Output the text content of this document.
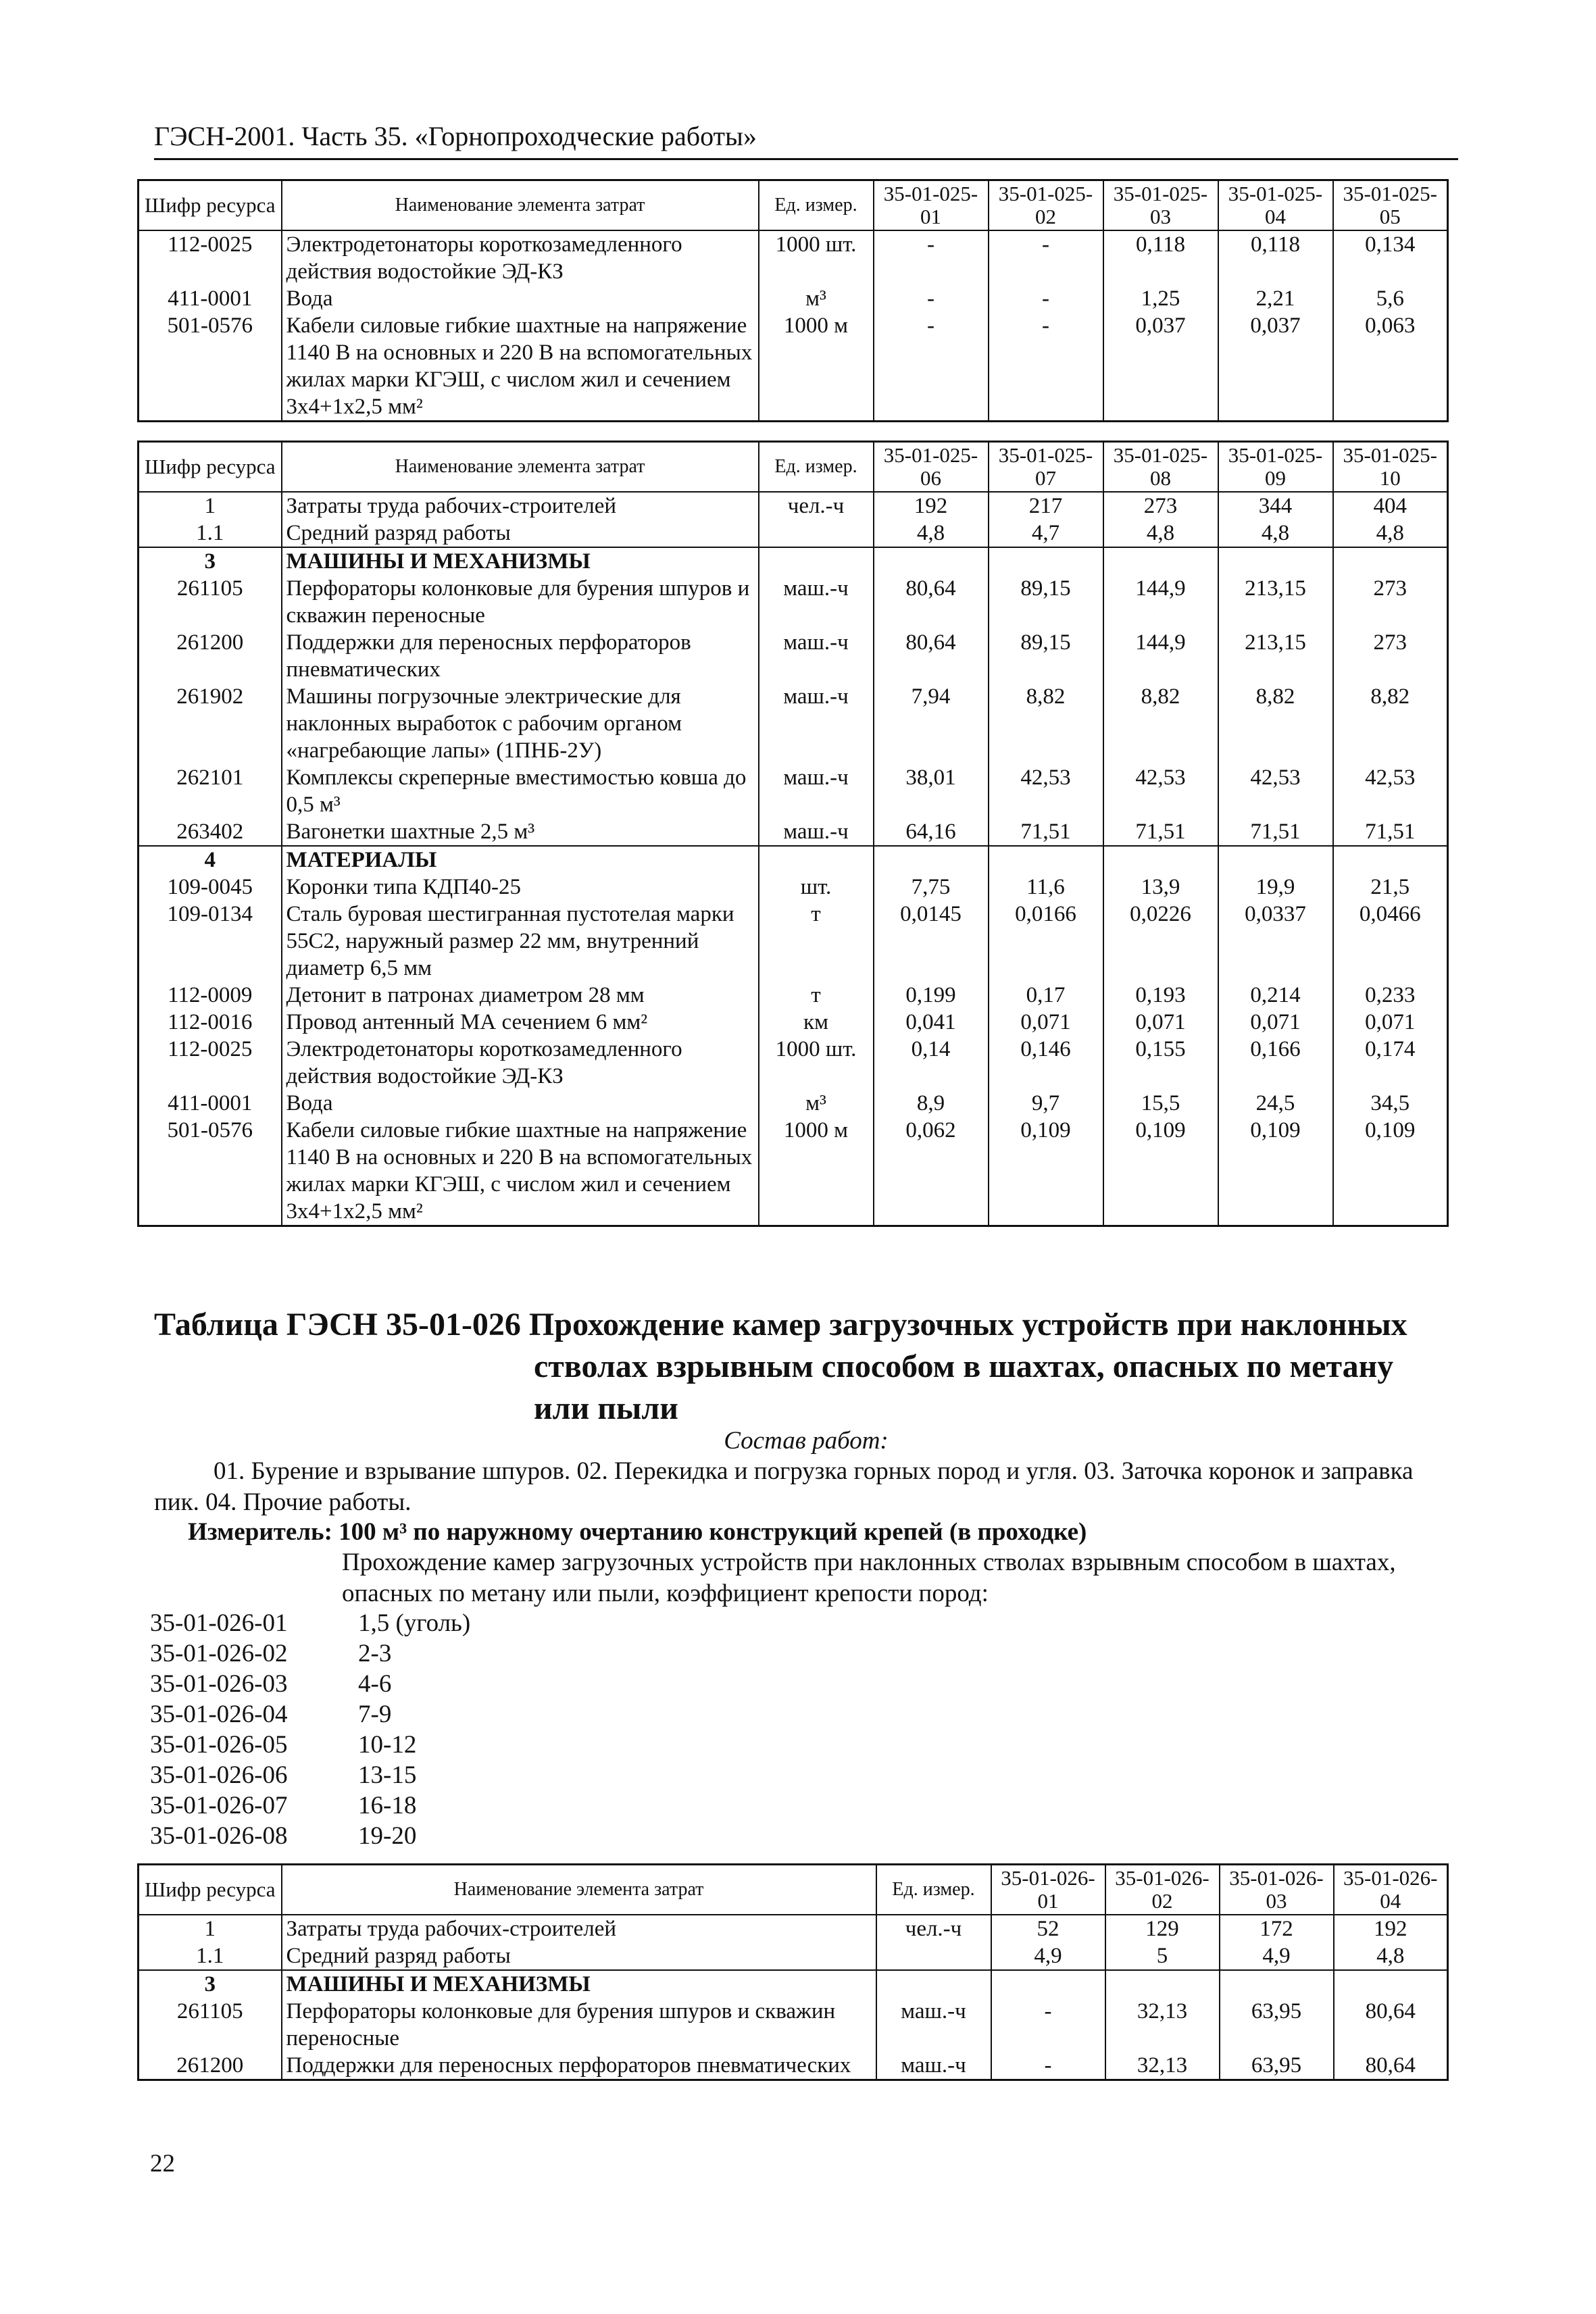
ГЭСН-2001. Часть 35. «Горнопроходческие работы»
Шифр ресурса	Наименование элемента затрат	Ед. измер.	35-01-025-01	35-01-025-02	35-01-025-03	35-01-025-04	35-01-025-05
112-0025	Электродетонаторы короткозамедленного действия водостойкие ЭД-КЗ	1000 шт.	-	-	0,118	0,118	0,134
411-0001	Вода	м³	-	-	1,25	2,21	5,6
501-0576	Кабели силовые гибкие шахтные на напряжение 1140 В на основных и 220 В на вспомогательных жилах марки КГЭШ, с числом жил и сечением 3х4+1х2,5 мм²	1000 м	-	-	0,037	0,037	0,063
Шифр ресурса	Наименование элемента затрат	Ед. измер.	35-01-025-06	35-01-025-07	35-01-025-08	35-01-025-09	35-01-025-10
1	Затраты труда рабочих-строителей	чел.-ч	192	217	273	344	404
1.1	Средний разряд работы		4,8	4,7	4,8	4,8	4,8
3	МАШИНЫ И МЕХАНИЗМЫ						
261105	Перфораторы колонковые для бурения шпуров и скважин переносные	маш.-ч	80,64	89,15	144,9	213,15	273
261200	Поддержки для переносных перфораторов пневматических	маш.-ч	80,64	89,15	144,9	213,15	273
261902	Машины погрузочные электрические для наклонных выработок с рабочим органом «нагребающие лапы» (1ПНБ-2У)	маш.-ч	7,94	8,82	8,82	8,82	8,82
262101	Комплексы скреперные вместимостью ковша до 0,5 м³	маш.-ч	38,01	42,53	42,53	42,53	42,53
263402	Вагонетки шахтные 2,5 м³	маш.-ч	64,16	71,51	71,51	71,51	71,51
4	МАТЕРИАЛЫ						
109-0045	Коронки типа КДП40-25	шт.	7,75	11,6	13,9	19,9	21,5
109-0134	Сталь буровая шестигранная пустотелая марки 55С2, наружный размер 22 мм, внутренний диаметр 6,5 мм	т	0,0145	0,0166	0,0226	0,0337	0,0466
112-0009	Детонит в патронах диаметром 28 мм	т	0,199	0,17	0,193	0,214	0,233
112-0016	Провод антенный МА сечением 6 мм²	км	0,041	0,071	0,071	0,071	0,071
112-0025	Электродетонаторы короткозамедленного действия водостойкие ЭД-КЗ	1000 шт.	0,14	0,146	0,155	0,166	0,174
411-0001	Вода	м³	8,9	9,7	15,5	24,5	34,5
501-0576	Кабели силовые гибкие шахтные на напряжение 1140 В на основных и 220 В на вспомогательных жилах марки КГЭШ, с числом жил и сечением 3х4+1х2,5 мм²	1000 м	0,062	0,109	0,109	0,109	0,109
Таблица ГЭСН 35-01-026 Прохождение камер загрузочных устройств при наклонных
стволах взрывным способом в шахтах, опасных по метану
или пыли
Состав работ:
01. Бурение и взрывание шпуров. 02. Перекидка и погрузка горных пород и угля. 03. Заточка коронок и заправка пик. 04. Прочие работы.
Измеритель: 100 м³ по наружному очертанию конструкций крепей (в проходке)
Прохождение камер загрузочных устройств при наклонных стволах взрывным способом в шахтах, опасных по метану или пыли, коэффициент крепости пород:
35-01-026-01	1,5 (уголь)
35-01-026-02	2-3
35-01-026-03	4-6
35-01-026-04	7-9
35-01-026-05	10-12
35-01-026-06	13-15
35-01-026-07	16-18
35-01-026-08	19-20
Шифр ресурса	Наименование элемента затрат	Ед. измер.	35-01-026-01	35-01-026-02	35-01-026-03	35-01-026-04
1	Затраты труда рабочих-строителей	чел.-ч	52	129	172	192
1.1	Средний разряд работы		4,9	5	4,9	4,8
3	МАШИНЫ И МЕХАНИЗМЫ					
261105	Перфораторы колонковые для бурения шпуров и скважин переносные	маш.-ч	-	32,13	63,95	80,64
261200	Поддержки для переносных перфораторов пневматических	маш.-ч	-	32,13	63,95	80,64
22
